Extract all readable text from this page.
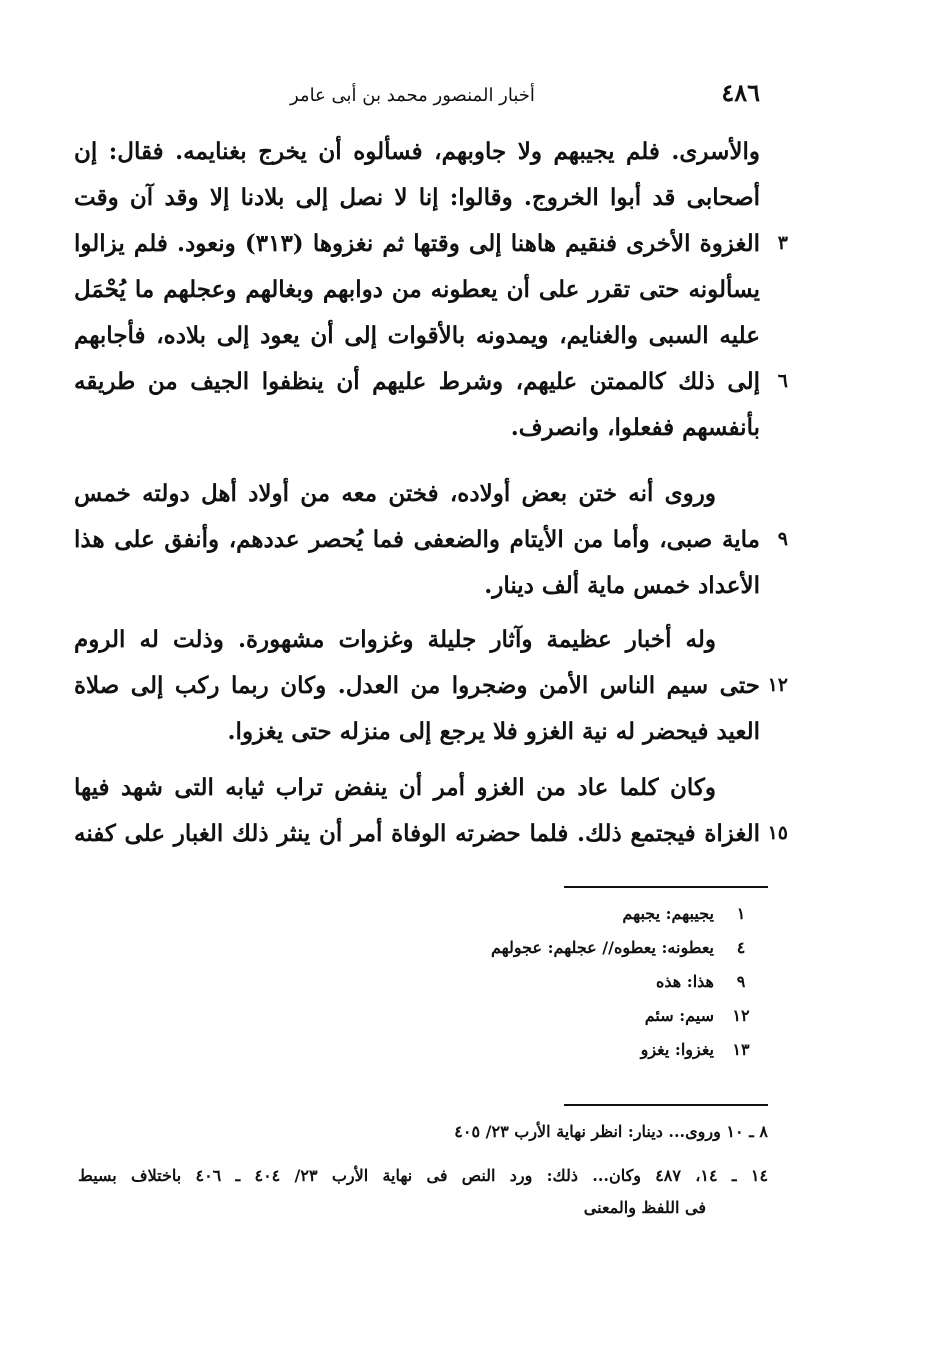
٤٨٦
أخبار المنصور محمد بن أبى عامر
والأسرى. فلم يجيبهم ولا جاوبهم، فسألوه أن يخرج بغنايمه. فقال: إن
أصحابى قد أبوا الخروج. وقالوا: إنا لا نصل إلى بلادنا إلا وقد آن وقت
٣
الغزوة الأخرى فنقيم هاهنا إلى وقتها ثم نغزوها (٣١٣) ونعود. فلم يزالوا
يسألونه حتى تقرر على أن يعطونه من دوابهم وبغالهم وعجلهم ما يُحْمَل
عليه السبى والغنايم، ويمدونه بالأقوات إلى أن يعود إلى بلاده، فأجابهم
٦
إلى ذلك كالممتن عليهم، وشرط عليهم أن ينظفوا الجيف من طريقه
بأنفسهم ففعلوا، وانصرف.
وروى أنه ختن بعض أولاده، فختن معه من أولاد أهل دولته خمس
٩
ماية صبى، وأما من الأيتام والضعفى فما يُحصر عددهم، وأنفق على هذا
الأعداد خمس ماية ألف دينار.
وله أخبار عظيمة وآثار جليلة وغزوات مشهورة. وذلت له الروم
١٢
حتى سيم الناس الأمن وضجروا من العدل. وكان ربما ركب إلى صلاة
العيد فيحضر له نية الغزو فلا يرجع إلى منزله حتى يغزوا.
وكان كلما عاد من الغزو أمر أن ينفض تراب ثيابه التى شهد فيها
١٥
الغزاة فيجتمع ذلك. فلما حضرته الوفاة أمر أن ينثر ذلك الغبار على كفنه
١يجيبهم: يجبهم
٤يعطونه: يعطوه// عجلهم: عجولهم
٩هذا: هذه
١٢سيم: سئم
١٣يغزوا: يغزو
٨ ـ ١٠ وروى... دينار: انظر نهاية الأرب ٢٣/ ٤٠٥
١٤ ـ ١٤، ٤٨٧ وكان... ذلك: ورد النص فى نهاية الأرب ٢٣/ ٤٠٤ ـ ٤٠٦ باختلاف بسيط
فى اللفظ والمعنى
